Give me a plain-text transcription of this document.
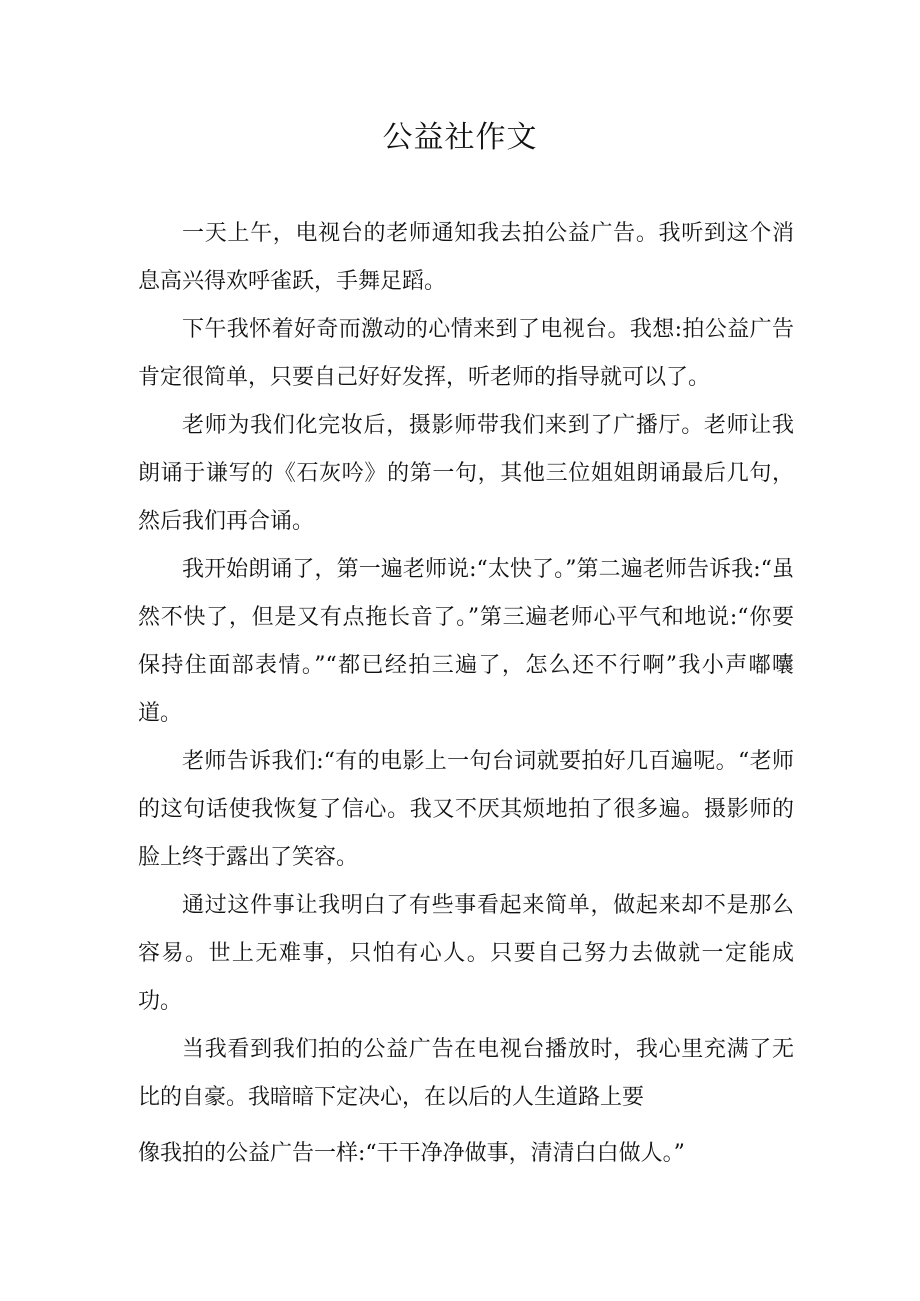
公益社作文

一天上午，电视台的老师通知我去拍公益广告。我听到这个消息高兴得欢呼雀跃，手舞足蹈。

下午我怀着好奇而激动的心情来到了电视台。我想:拍公益广告肯定很简单，只要自己好好发挥，听老师的指导就可以了。

老师为我们化完妆后，摄影师带我们来到了广播厅。老师让我朗诵于谦写的《石灰吟》的第一句，其他三位姐姐朗诵最后几句，然后我们再合诵。

我开始朗诵了，第一遍老师说:“太快了。”第二遍老师告诉我:“虽然不快了，但是又有点拖长音了。”第三遍老师心平气和地说:“你要保持住面部表情。”“都已经拍三遍了，怎么还不行啊”我小声嘟囔道。

老师告诉我们:“有的电影上一句台词就要拍好几百遍呢。“老师的这句话使我恢复了信心。我又不厌其烦地拍了很多遍。摄影师的脸上终于露出了笑容。

通过这件事让我明白了有些事看起来简单，做起来却不是那么容易。世上无难事，只怕有心人。只要自己努力去做就一定能成功。

当我看到我们拍的公益广告在电视台播放时，我心里充满了无比的自豪。我暗暗下定决心，在以后的人生道路上要

像我拍的公益广告一样:“干干净净做事，清清白白做人。”
